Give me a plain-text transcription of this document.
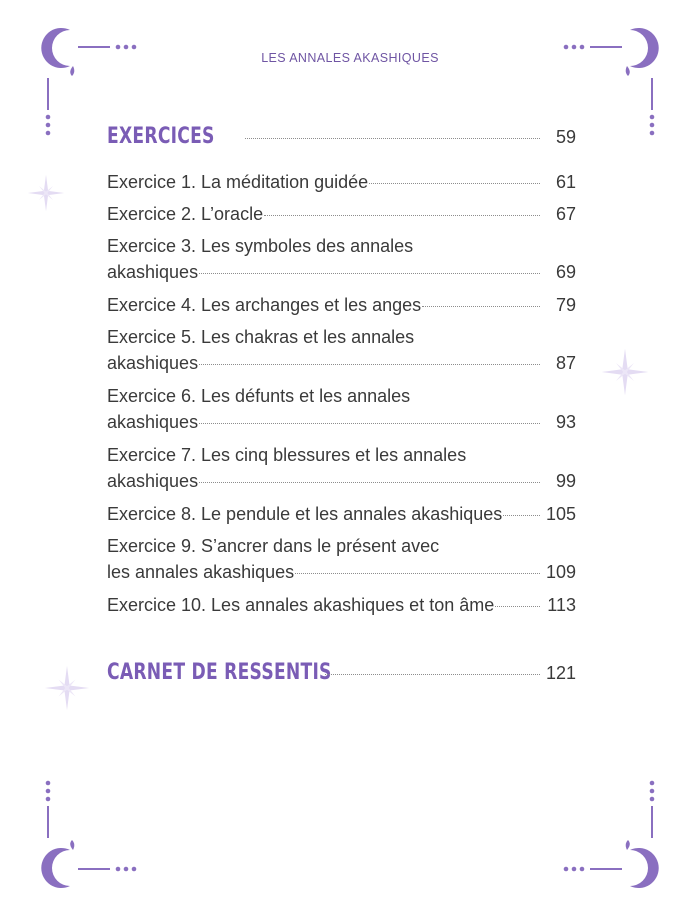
LES ANNALES AKASHIQUES
EXERCICES	59
Exercice 1. La méditation guidée	61
Exercice 2. L’oracle	67
Exercice 3. Les symboles des annales
akashiques	69
Exercice 4. Les archanges et les anges	79
Exercice 5. Les chakras et les annales
akashiques	87
Exercice 6. Les défunts et les annales
akashiques	93
Exercice 7. Les cinq blessures et les annales
akashiques	99
Exercice 8. Le pendule et les annales akashiques 105
Exercice 9. S’ancrer dans le présent avec
les annales akashiques	109
Exercice 10. Les annales akashiques et ton âme	113
CARNET DE RESSENTIS	121
